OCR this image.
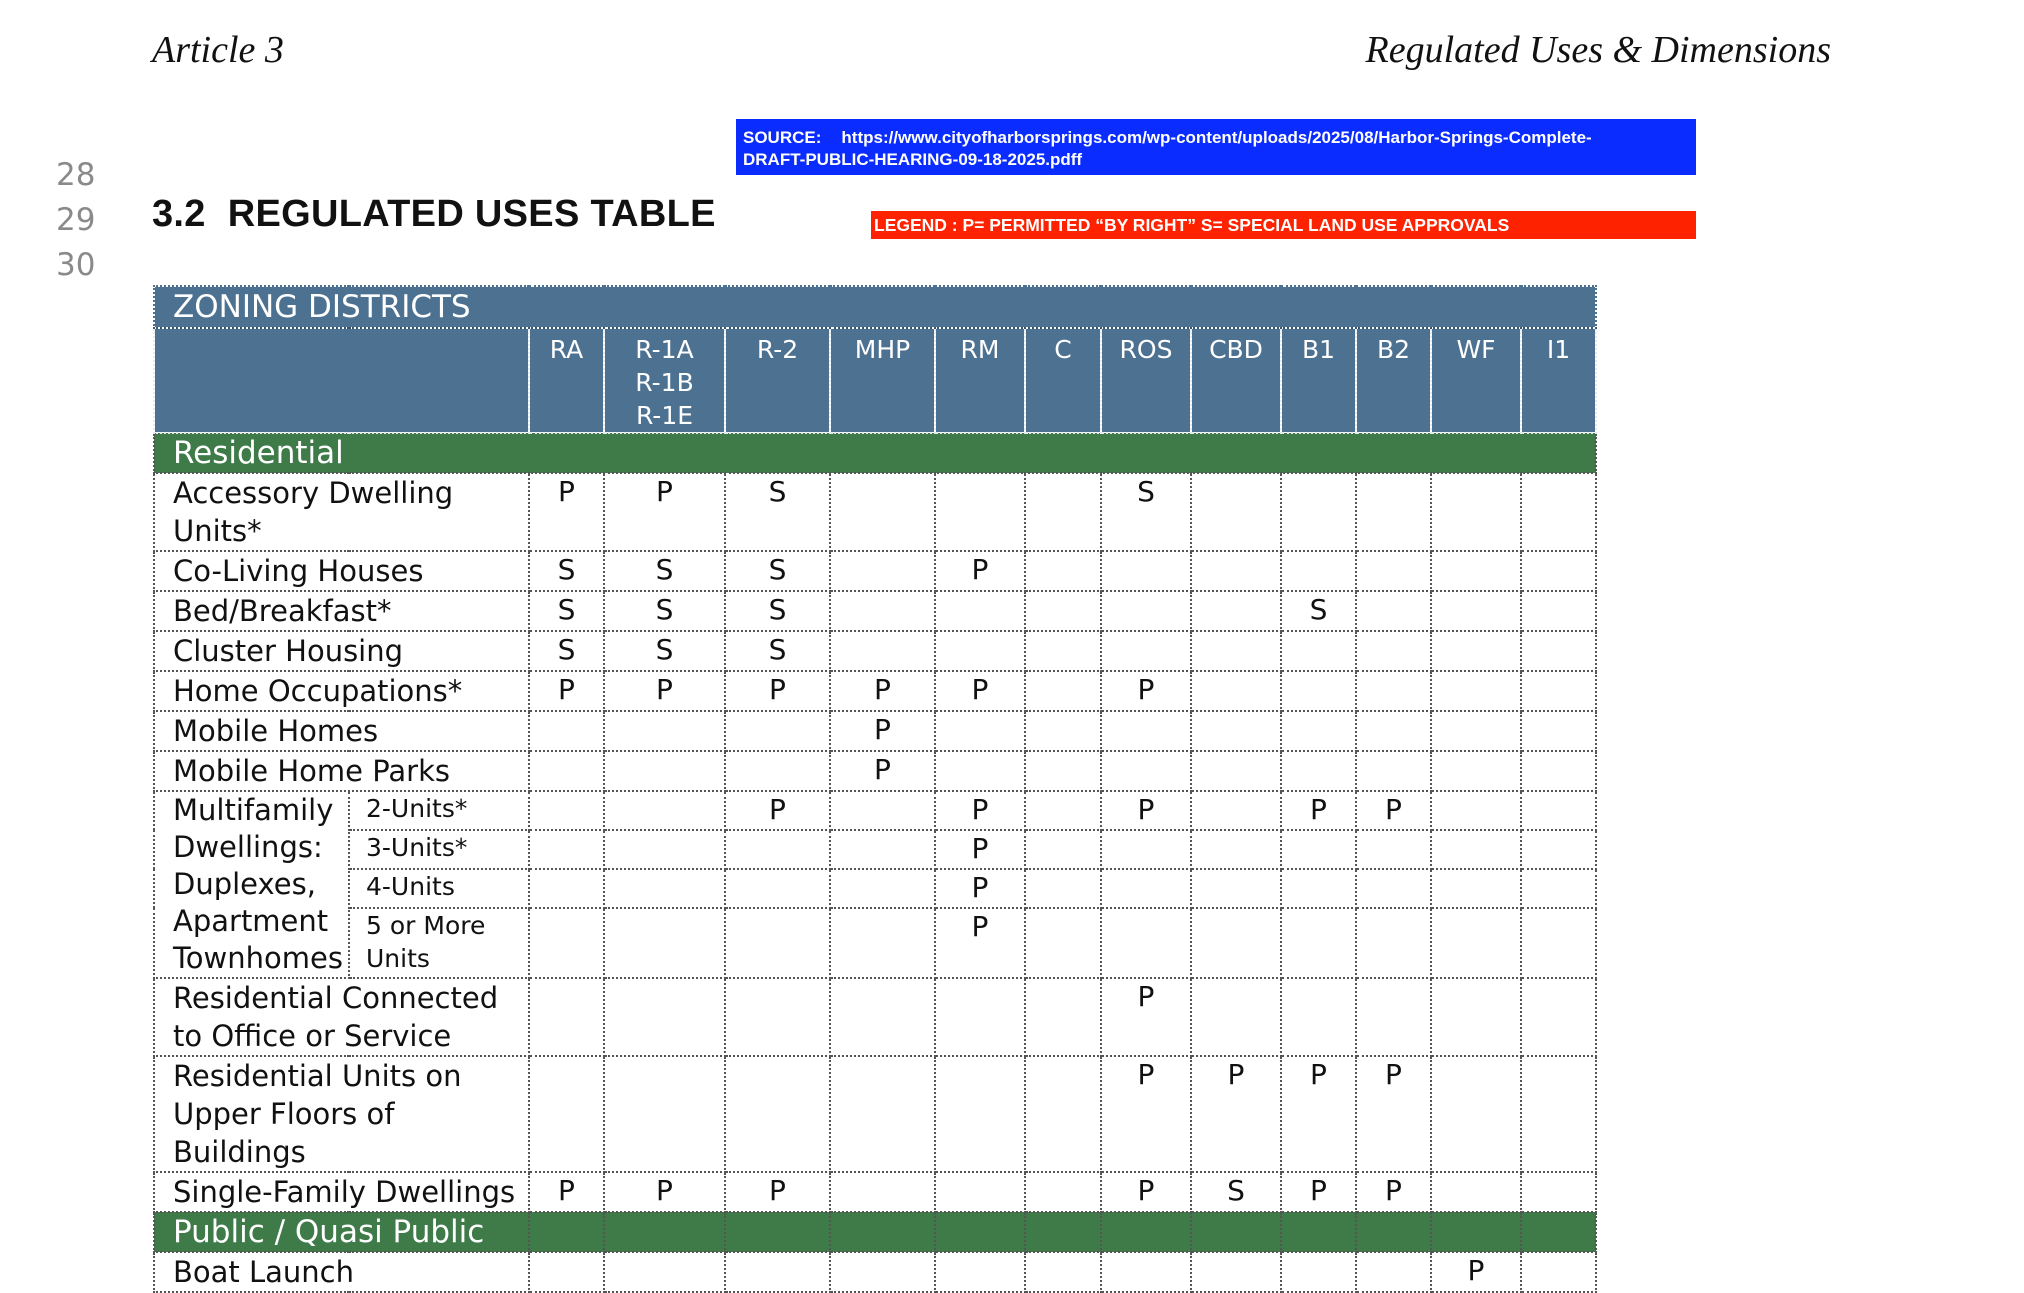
Article 3	Regulated Uses & Dimensions
28
29
30
3.2 REGULATED USES TABLE
SOURCE: https://www.cityofharborsprings.com/wp-content/uploads/2025/08/Harbor-Springs-Complete-
DRAFT-PUBLIC-HEARING-09-18-2025.pdff
LEGEND : P= PERMITTED “BY RIGHT” S= SPECIAL LAND USE APPROVALS
ZONING DISTRICTS													
		RA	R-1A
R-1B
R-1E	R-2	MHP	RM	C	ROS	CBD	B1	B2	WF	I1
Residential													
Accessory Dwelling Units*		P	P	S				S					
Co-Living Houses		S	S	S		P							
Bed/Breakfast*		S	S	S						S			
Cluster Housing		S	S	S									
Home Occupations*		P	P	P	P	P		P					
Mobile Homes					P								
Mobile Home Parks					P								
Multifamily Dwellings: Duplexes, Apartment Townhomes	2-Units*			P		P		P		P	P		
	3-Units*					P							
	4-Units					P							
	5 or More Units					P							
Residential Connected to Office or Service								P					
Residential Units on Upper Floors of Buildings								P	P	P	P		
Single-Family Dwellings		P	P	P				P	S	P	P		
Public / Quasi Public													
Boat Launch												P	
